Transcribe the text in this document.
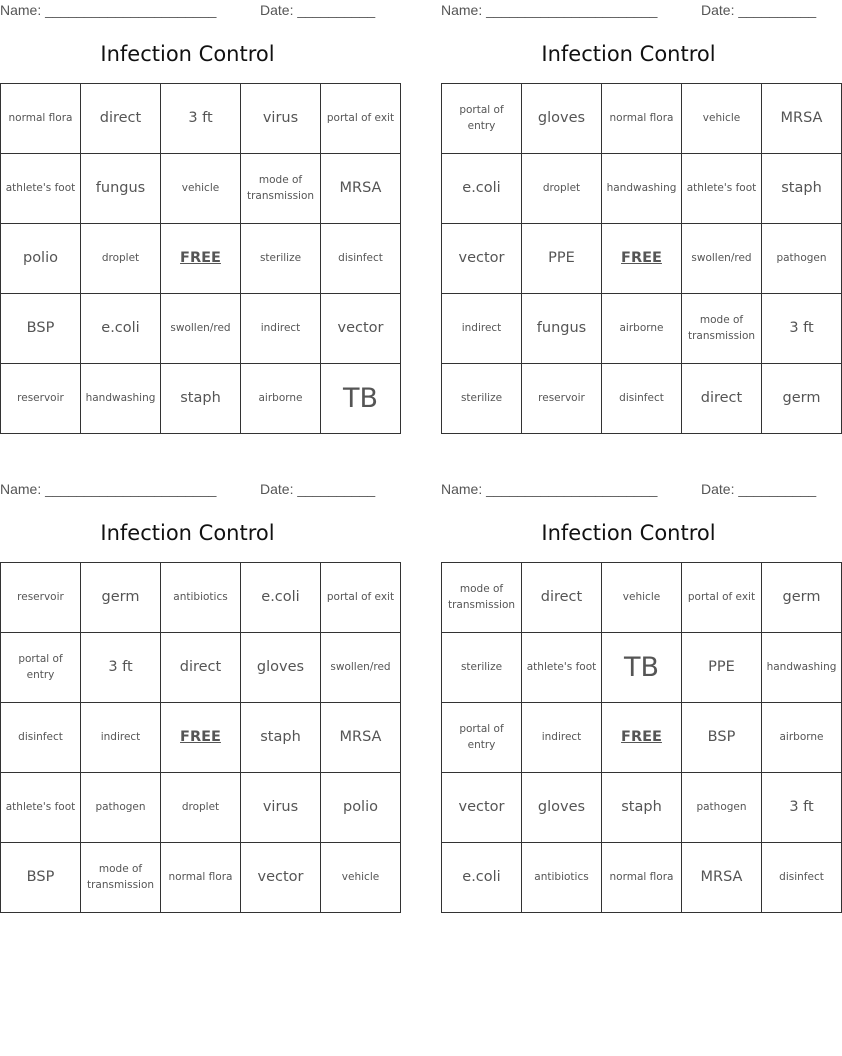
Name: ______________________	Date: __________
Infection Control
normal flora	direct	3 ft	virus	portal of exit
athlete's foot	fungus	vehicle	mode of transmission	MRSA
polio	droplet	FREE	sterilize	disinfect
BSP	e.coli	swollen/red	indirect	vector
reservoir	handwashing	staph	airborne	TB
Name: ______________________	Date: __________
Infection Control
portal of entry	gloves	normal flora	vehicle	MRSA
e.coli	droplet	handwashing	athlete's foot	staph
vector	PPE	FREE	swollen/red	pathogen
indirect	fungus	airborne	mode of transmission	3 ft
sterilize	reservoir	disinfect	direct	germ
Name: ______________________	Date: __________
Infection Control
reservoir	germ	antibiotics	e.coli	portal of exit
portal of entry	3 ft	direct	gloves	swollen/red
disinfect	indirect	FREE	staph	MRSA
athlete's foot	pathogen	droplet	virus	polio
BSP	mode of transmission	normal flora	vector	vehicle
Name: ______________________	Date: __________
Infection Control
mode of transmission	direct	vehicle	portal of exit	germ
sterilize	athlete's foot	TB	PPE	handwashing
portal of entry	indirect	FREE	BSP	airborne
vector	gloves	staph	pathogen	3 ft
e.coli	antibiotics	normal flora	MRSA	disinfect
